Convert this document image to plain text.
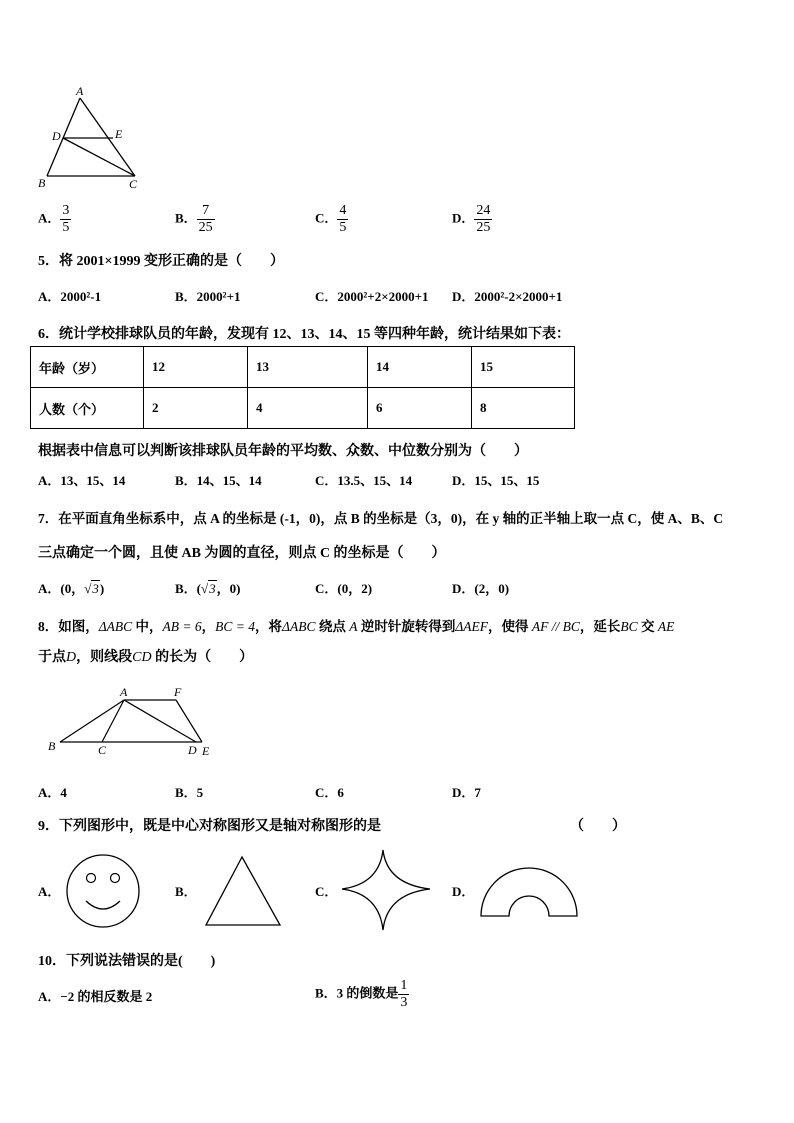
A
D	E
B	C
A． $\frac{3}{5}$	B． $\frac{7}{25}$	C． $\frac{4}{5}$	D． $\frac{24}{25}$
5．将 2001×1999 变形正确的是（　　）
A．2000²-1	B．2000²+1	C．2000²+2×2000+1 D．2000²-2×2000+1
6．统计学校排球队员的年龄，发现有 12、13、14、15 等四种年龄，统计结果如下表：
年龄（岁）	12	13	14	15
人数（个）	2	4	6	8
根据表中信息可以判断该排球队员年龄的平均数、众数、中位数分别为（　　）
A．13、15、14	B．14、15、14	C．13.5、15、14	D．15、15、15
7．在平面直角坐标系中，点 A 的坐标是 (-1，0)，点 B 的坐标是（3，0)，在 y 轴的正半轴上取一点 C，使 A、B、C
三点确定一个圆，且使 AB 为圆的直径，则点 C 的坐标是（　　）
A．(0，√3)	B．(√3，0)	C．(0，2)	D．(2，0)
8．如图，ΔABC 中，AB = 6，BC = 4，将ΔABC 绕点 A 逆时针旋转得到ΔAEF，使得 AF // BC，延长BC 交 AE
于点D，则线段CD 的长为（　　）
A	F
B	C	D E
A．4	B．5	C．6	D．7
9．下列图形中，既是中心对称图形又是轴对称图形的是	（　　）
A．	B．	C．	D．
10．下列说法错误的是(　　)
A．−2 的相反数是 2	B．3 的倒数是 $\frac{1}{3}$
